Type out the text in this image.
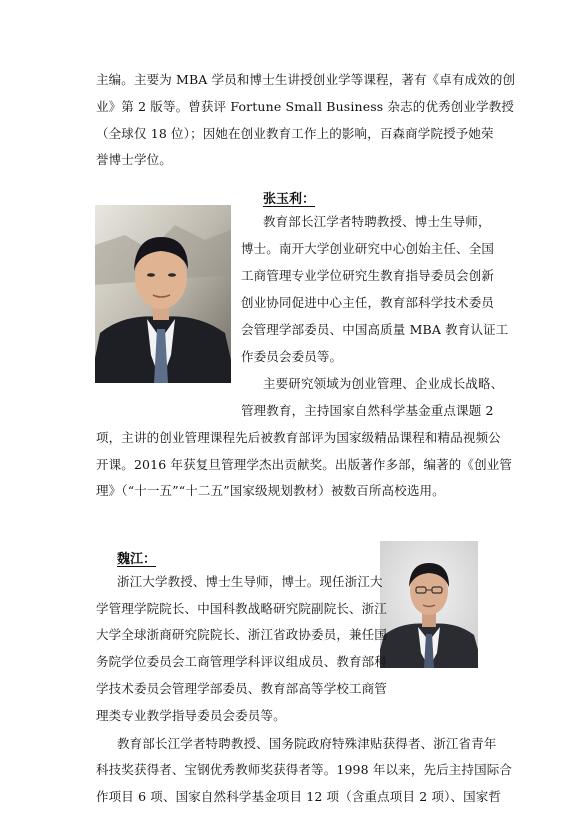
主编。主要为 MBA 学员和博士生讲授创业学等课程，著有《卓有成效的创
业》第 2 版等。曾获评 Fortune Small Business 杂志的优秀创业学教授
（全球仅 18 位）；因她在创业教育工作上的影响，百森商学院授予她荣
誉博士学位。
张玉利：
教育部长江学者特聘教授、博士生导师，
博士。南开大学创业研究中心创始主任、全国
工商管理专业学位研究生教育指导委员会创新
创业协同促进中心主任，教育部科学技术委员
会管理学部委员、中国高质量 MBA 教育认证工
作委员会委员等。
主要研究领域为创业管理、企业成长战略、
管理教育，主持国家自然科学基金重点课题 2
项，主讲的创业管理课程先后被教育部评为国家级精品课程和精品视频公
开课。2016 年获复旦管理学杰出贡献奖。出版著作多部，编著的《创业管
理》（“十一五”“十二五”国家级规划教材）被数百所高校选用。
魏江：
浙江大学教授、博士生导师，博士。现任浙江大
学管理学院院长、中国科教战略研究院副院长、浙江
大学全球浙商研究院院长、浙江省政协委员，兼任国
务院学位委员会工商管理学科评议组成员、教育部科
学技术委员会管理学部委员、教育部高等学校工商管
理类专业教学指导委员会委员等。
教育部长江学者特聘教授、国务院政府特殊津贴获得者、浙江省青年
科技奖获得者、宝钢优秀教师奖获得者等。1998 年以来，先后主持国际合
作项目 6 项、国家自然科学基金项目 12 项（含重点项目 2 项）、国家哲
